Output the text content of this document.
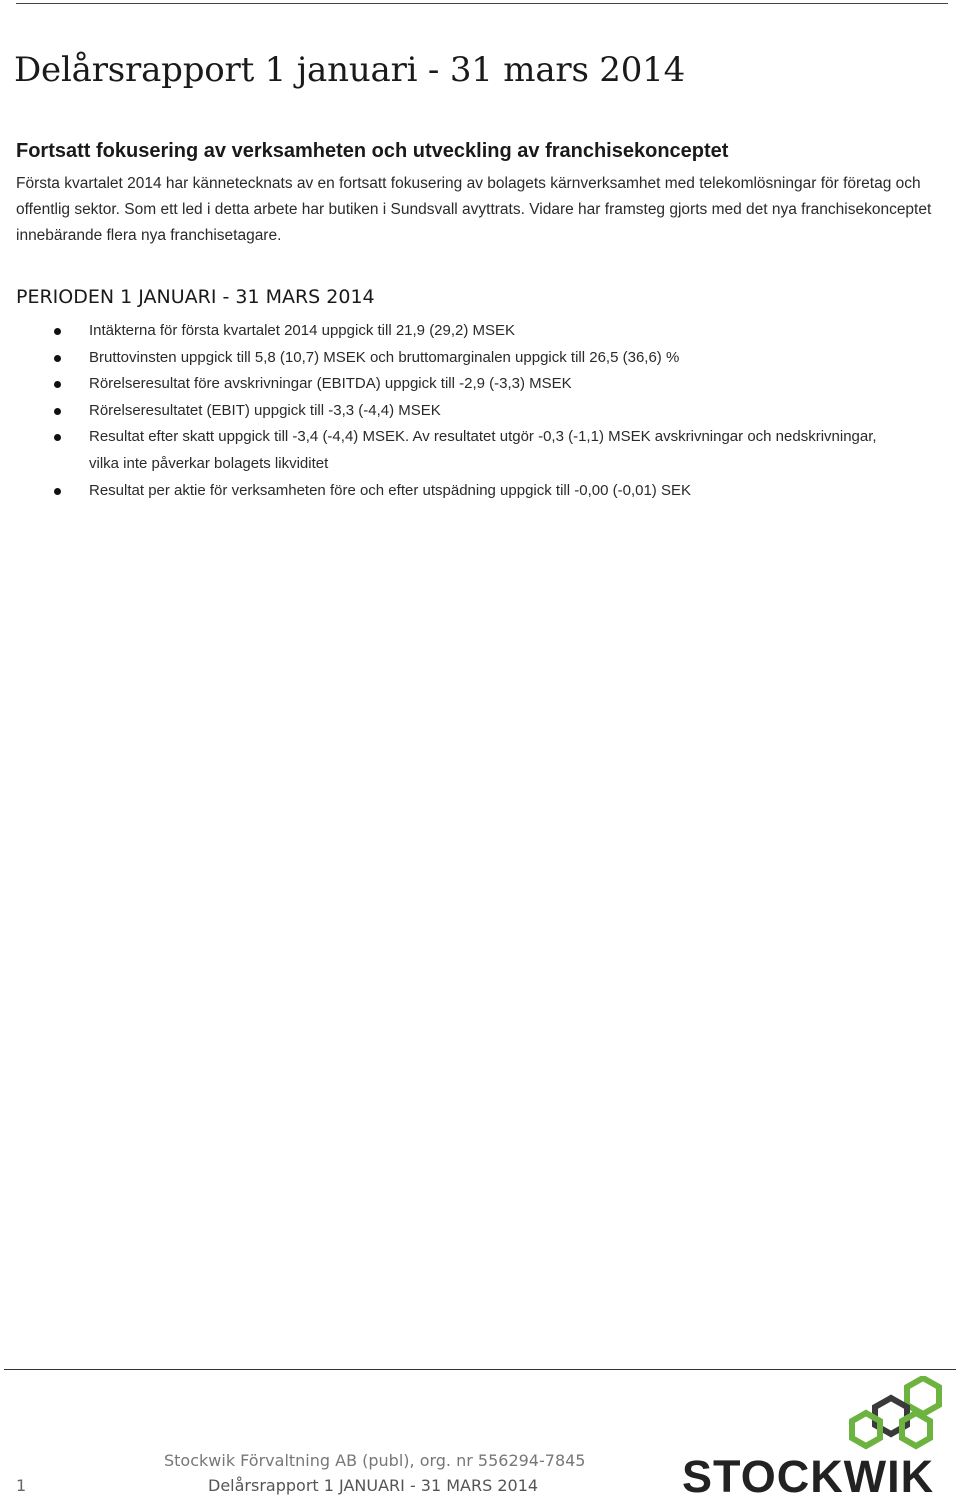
Delårsrapport 1 januari - 31 mars 2014
Fortsatt fokusering av verksamheten och utveckling av franchisekonceptet

Första kvartalet 2014 har kännetecknats av en fortsatt fokusering av bolagets kärnverksamhet med telekomlösningar för företag och offentlig sektor. Som ett led i detta arbete har butiken i Sundsvall avyttrats. Vidare har framsteg gjorts med det nya franchisekonceptet innebärande flera nya franchisetagare.

PERIODEN 1 JANUARI - 31 MARS 2014
Intäkterna för första kvartalet 2014 uppgick till 21,9 (29,2) MSEK
Bruttovinsten uppgick till 5,8 (10,7) MSEK och bruttomarginalen uppgick till 26,5 (36,6) %
Rörelseresultat före avskrivningar (EBITDA) uppgick till -2,9 (-3,3) MSEK
Rörelseresultatet (EBIT) uppgick till -3,3 (-4,4) MSEK
Resultat efter skatt uppgick till -3,4 (-4,4) MSEK. Av resultatet utgör -0,3 (-1,1) MSEK avskrivningar och nedskrivningar, vilka inte påverkar bolagets likviditet
Resultat per aktie för verksamheten före och efter utspädning uppgick till -0,00 (-0,01) SEK
1
Stockwik Förvaltning AB (publ), org. nr 556294-7845
Delårsrapport 1 JANUARI - 31 MARS 2014	STOCKWIK
